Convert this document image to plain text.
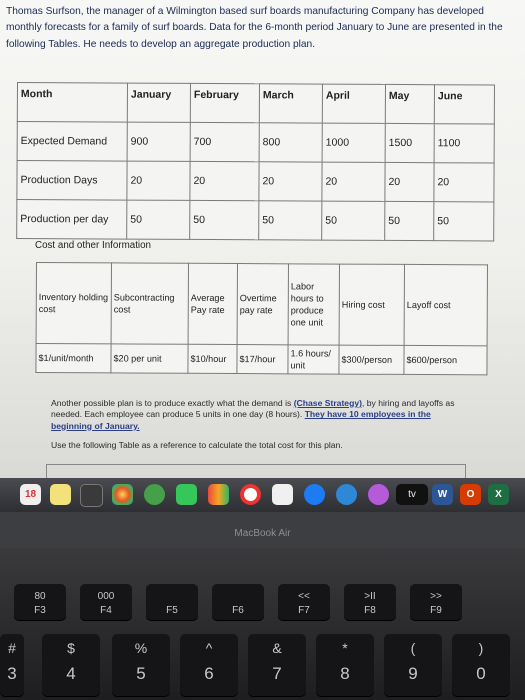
Thomas Surfson, the manager of a Wilmington based surf boards manufacturing Company has developed monthly forecasts for a family of surf boards. Data for the 6-month period January to June are presented in the following Tables. He needs to develop an aggregate production plan.
Month	January	February	March	April	May	June
Expected Demand	900	700	800	1000	1500	1100
Production Days	20	20	20	20	20	20
Production per day	50	50	50	50	50	50
Cost and other Information
Inventory holding cost	Subcontracting cost	Average Pay rate	Overtime pay rate	Labor hours to produce one unit	Hiring cost	Layoff cost
$1/unit/month	$20 per unit	$10/hour	$17/hour	1.6 hours/ unit	$300/person	$600/person
Another possible plan is to produce exactly what the demand is (Chase Strategy), by hiring and layoffs as needed. Each employee can produce 5 units in one day (8 hours). They have 10 employees in the beginning of January.
Use the following Table as a reference to calculate the total cost for this plan.
18	tv	W	O	X
MacBook Air
80
F3
000
F4	F5	F6
<<
F7
>II
F8
>>
F9
#
3
$
4
%
5
^
6
&
7
*
8
(
9
)
0
